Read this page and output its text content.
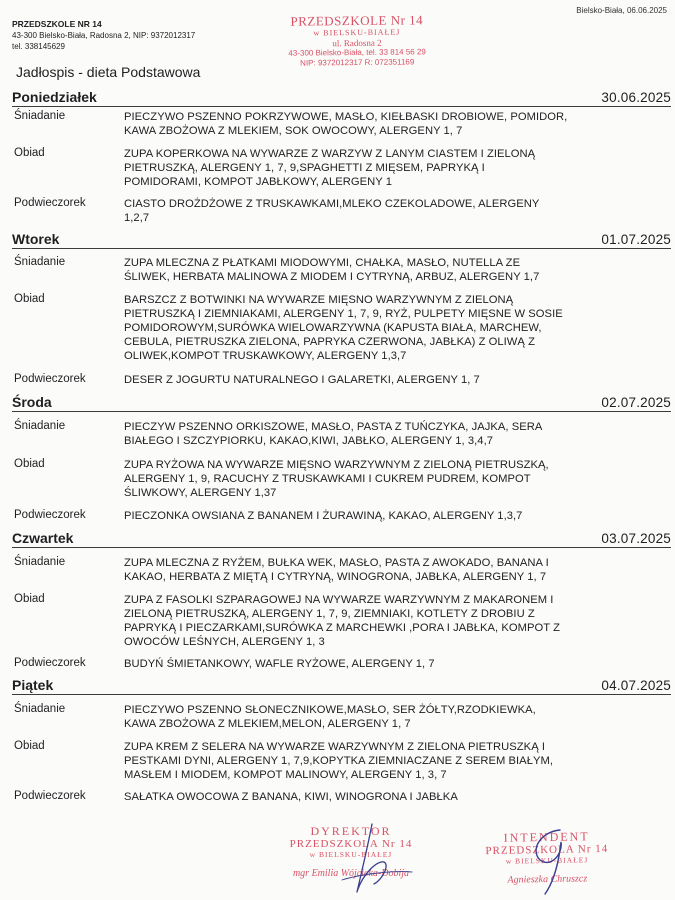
PRZEDSZKOLE NR 14
43-300 Bielsko-Biała, Radosna 2, NIP: 9372012317
tel. 338145629
Bielsko-Biała, 06.06.2025
PRZEDSZKOLE Nr 14
w BIELSKU-BIAŁEJ
ul. Radosna 2
43-300 Bielsko-Biała, tel. 33 814 56 29
NIP: 9372012317 R: 072351169
Jadłospis - dieta Podstawowa
Poniedziałek	30.06.2025
Śniadanie	PIECZYWO PSZENNO POKRZYWOWE, MASŁO, KIEŁBASKI DROBIOWE, POMIDOR,
KAWA ZBOŻOWA Z MLEKIEM, SOK OWOCOWY, ALERGENY 1, 7
Obiad	ZUPA KOPERKOWA NA WYWARZE Z WARZYW Z LANYM CIASTEM I ZIELONĄ
PIETRUSZKĄ, ALERGENY 1, 7, 9,SPAGHETTI Z MIĘSEM, PAPRYKĄ I
POMIDORAMI, KOMPOT JABŁKOWY, ALERGENY 1
Podwieczorek	CIASTO DROŻDŻOWE Z TRUSKAWKAMI,MLEKO CZEKOLADOWE, ALERGENY
1,2,7
Wtorek	01.07.2025
Śniadanie	ZUPA MLECZNA Z PŁATKAMI MIODOWYMI, CHAŁKA, MASŁO, NUTELLA ZE
ŚLIWEK, HERBATA MALINOWA Z MIODEM I CYTRYNĄ, ARBUZ, ALERGENY 1,7
Obiad	BARSZCZ Z BOTWINKI NA WYWARZE MIĘSNO WARZYWNYM Z ZIELONĄ
PIETRUSZKĄ I ZIEMNIAKAMI, ALERGENY 1, 7, 9, RYŻ, PULPETY MIĘSNE W SOSIE
POMIDOROWYM,SURÓWKA WIELOWARZYWNA (KAPUSTA BIAŁA, MARCHEW,
CEBULA, PIETRUSZKA ZIELONA, PAPRYKA CZERWONA, JABŁKA) Z OLIWĄ Z
OLIWEK,KOMPOT TRUSKAWKOWY, ALERGENY 1,3,7
Podwieczorek	DESER Z JOGURTU NATURALNEGO I GALARETKI, ALERGENY 1, 7
Środa	02.07.2025
Śniadanie	PIECZYW PSZENNO ORKISZOWE, MASŁO, PASTA Z TUŃCZYKA, JAJKA, SERA
BIAŁEGO I SZCZYPIORKU, KAKAO,KIWI, JABŁKO, ALERGENY 1, 3,4,7
Obiad	ZUPA RYŻOWA NA WYWARZE MIĘSNO WARZYWNYM Z ZIELONĄ PIETRUSZKĄ,
ALERGENY 1, 9, RACUCHY Z TRUSKAWKAMI I CUKREM PUDREM, KOMPOT
ŚLIWKOWY, ALERGENY 1,37
Podwieczorek	PIECZONKA OWSIANA Z BANANEM I ŻURAWINĄ, KAKAO, ALERGENY 1,3,7
Czwartek	03.07.2025
Śniadanie	ZUPA MLECZNA Z RYŻEM, BUŁKA WEK, MASŁO, PASTA Z AWOKADO, BANANA I
KAKAO, HERBATA Z MIĘTĄ I CYTRYNĄ, WINOGRONA, JABŁKA, ALERGENY 1, 7
Obiad	ZUPA Z FASOLKI SZPARAGOWEJ NA WYWARZE WARZYWNYM Z MAKARONEM I
ZIELONĄ PIETRUSZKĄ, ALERGENY 1, 7, 9, ZIEMNIAKI, KOTLETY Z DROBIU Z
PAPRYKĄ I PIECZARKAMI,SURÓWKA Z MARCHEWKI ,PORA I JABŁKA, KOMPOT Z
OWOCÓW LEŚNYCH, ALERGENY 1, 3
Podwieczorek	BUDYŃ ŚMIETANKOWY, WAFLE RYŻOWE, ALERGENY 1, 7
Piątek	04.07.2025
Śniadanie	PIECZYWO PSZENNO SŁONECZNIKOWE,MASŁO, SER ŻÓŁTY,RZODKIEWKA,
KAWA ZBOŻOWA Z MLEKIEM,MELON, ALERGENY 1, 7
Obiad	ZUPA KREM Z SELERA NA WYWARZE WARZYWNYM Z ZIELONA PIETRUSZKĄ I
PESTKAMI DYNI, ALERGENY 1, 7,9,KOPYTKA ZIEMNIACZANE Z SEREM BIAŁYM,
MASŁEM I MIODEM, KOMPOT MALINOWY, ALERGENY 1, 3, 7
Podwieczorek	SAŁATKA OWOCOWA Z BANANA, KIWI, WINOGRONA I JABŁKA
DYREKTOR
PRZEDSZKOLA Nr 14
w BIELSKU-BIAŁEJ
mgr Emilia Wójcicka-Dobija
INTENDENT
PRZEDSZKOLA Nr 14
w BIELSKU-BIAŁEJ
Agnieszka Chruszcz
